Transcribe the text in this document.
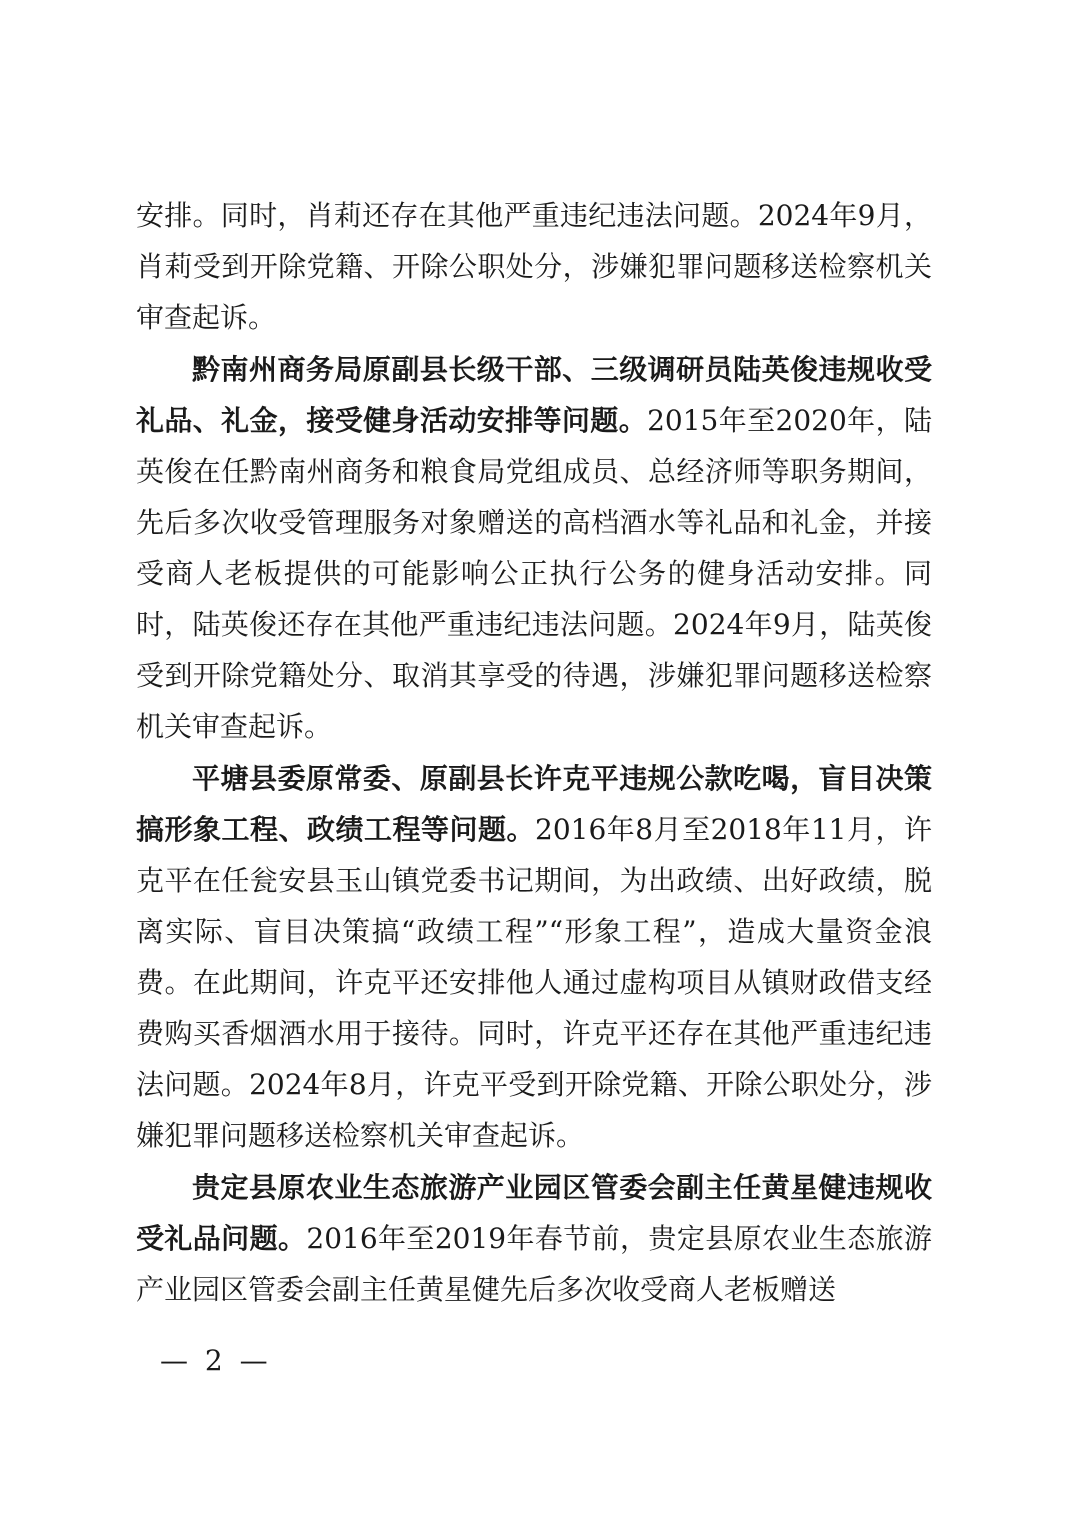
安排。同时，肖莉还存在其他严重违纪违法问题。2024年9月，肖莉受到开除党籍、开除公职处分，涉嫌犯罪问题移送检察机关审查起诉。

黔南州商务局原副县长级干部、三级调研员陆英俊违规收受礼品、礼金，接受健身活动安排等问题。2015年至2020年，陆英俊在任黔南州商务和粮食局党组成员、总经济师等职务期间，先后多次收受管理服务对象赠送的高档酒水等礼品和礼金，并接受商人老板提供的可能影响公正执行公务的健身活动安排。同时，陆英俊还存在其他严重违纪违法问题。2024年9月，陆英俊受到开除党籍处分、取消其享受的待遇，涉嫌犯罪问题移送检察机关审查起诉。

平塘县委原常委、原副县长许克平违规公款吃喝，盲目决策搞形象工程、政绩工程等问题。2016年8月至2018年11月，许克平在任瓮安县玉山镇党委书记期间，为出政绩、出好政绩，脱离实际、盲目决策搞“政绩工程”“形象工程”，造成大量资金浪费。在此期间，许克平还安排他人通过虚构项目从镇财政借支经费购买香烟酒水用于接待。同时，许克平还存在其他严重违纪违法问题。2024年8月，许克平受到开除党籍、开除公职处分，涉嫌犯罪问题移送检察机关审查起诉。

贵定县原农业生态旅游产业园区管委会副主任黄星健违规收受礼品问题。2016年至2019年春节前，贵定县原农业生态旅游产业园区管委会副主任黄星健先后多次收受商人老板赠送

— 2 —
